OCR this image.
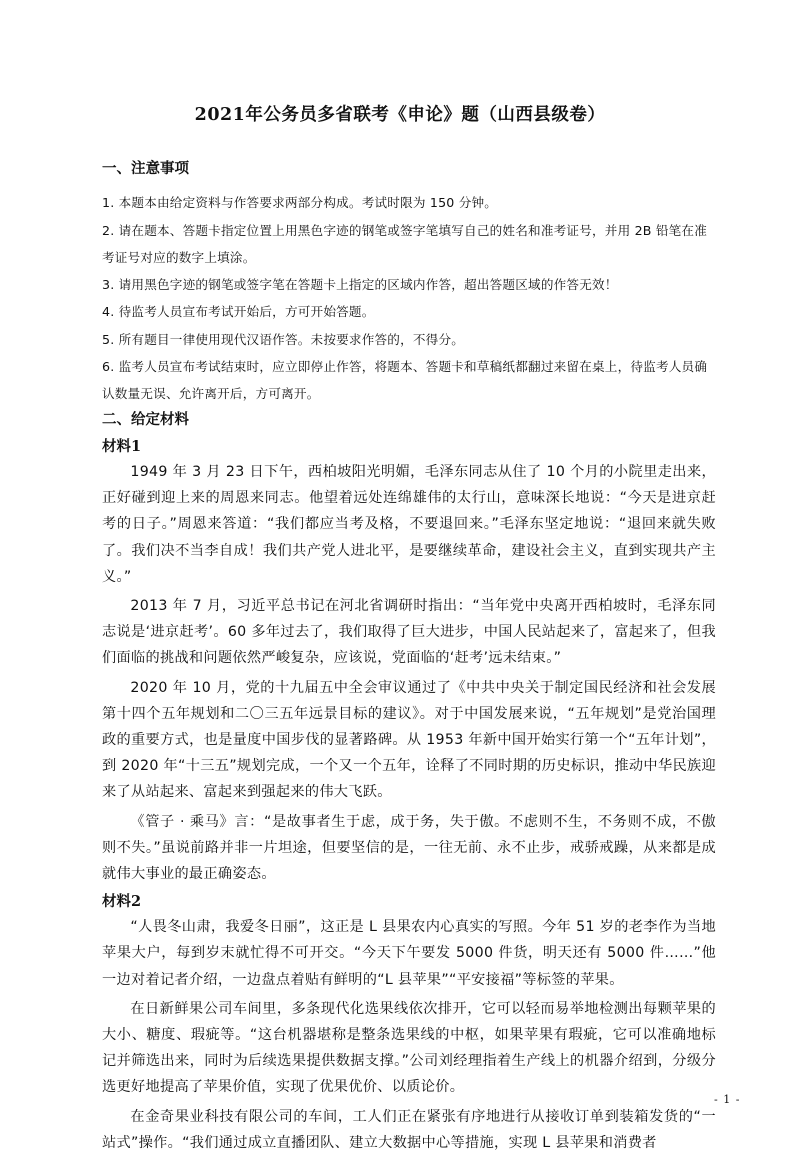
2021年公务员多省联考《申论》题（山西县级卷）
一、注意事项

1. 本题本由给定资料与作答要求两部分构成。考试时限为 150 分钟。

2. 请在题本、答题卡指定位置上用黑色字迹的钢笔或签字笔填写自己的姓名和准考证号，并用 2B 铅笔在准考证号对应的数字上填涂。

3. 请用黑色字迹的钢笔或签字笔在答题卡上指定的区域内作答，超出答题区域的作答无效！

4. 待监考人员宣布考试开始后，方可开始答题。

5. 所有题目一律使用现代汉语作答。未按要求作答的，不得分。

6. 监考人员宣布考试结束时，应立即停止作答，将题本、答题卡和草稿纸都翻过来留在桌上，待监考人员确认数量无误、允许离开后，方可离开。

二、给定材料
材料1

1949 年 3 月 23 日下午，西柏坡阳光明媚，毛泽东同志从住了 10 个月的小院里走出来，正好碰到迎上来的周恩来同志。他望着远处连绵雄伟的太行山，意味深长地说：“今天是进京赶考的日子。”周恩来答道：“我们都应当考及格，不要退回来。”毛泽东坚定地说：“退回来就失败了。我们决不当李自成！我们共产党人进北平，是要继续革命，建设社会主义，直到实现共产主义。”

2013 年 7 月，习近平总书记在河北省调研时指出：“当年党中央离开西柏坡时，毛泽东同志说是‘进京赶考’。60 多年过去了，我们取得了巨大进步，中国人民站起来了，富起来了，但我们面临的挑战和问题依然严峻复杂，应该说，党面临的‘赶考’远未结束。”

2020 年 10 月，党的十九届五中全会审议通过了《中共中央关于制定国民经济和社会发展第十四个五年规划和二〇三五年远景目标的建议》。对于中国发展来说，“五年规划”是党治国理政的重要方式，也是量度中国步伐的显著路碑。从 1953 年新中国开始实行第一个“五年计划”，到 2020 年“十三五”规划完成，一个又一个五年，诠释了不同时期的历史标识，推动中华民族迎来了从站起来、富起来到强起来的伟大飞跃。

《管子 · 乘马》言：“是故事者生于虑，成于务，失于傲。不虑则不生，不务则不成，不傲则不失。”虽说前路并非一片坦途，但要坚信的是，一往无前、永不止步，戒骄戒躁，从来都是成就伟大事业的最正确姿态。

材料2

“人畏冬山肃，我爱冬日丽”，这正是 L 县果农内心真实的写照。今年 51 岁的老李作为当地苹果大户，每到岁末就忙得不可开交。“今天下午要发 5000 件货，明天还有 5000 件……”他一边对着记者介绍，一边盘点着贴有鲜明的“L 县苹果”“平安接福”等标签的苹果。

在日新鲜果公司车间里，多条现代化选果线依次排开，它可以轻而易举地检测出每颗苹果的大小、糖度、瑕疵等。“这台机器堪称是整条选果线的中枢，如果苹果有瑕疵，它可以准确地标记并筛选出来，同时为后续选果提供数据支撑。”公司刘经理指着生产线上的机器介绍到，分级分选更好地提高了苹果价值，实现了优果优价、以质论价。

在金奇果业科技有限公司的车间，工人们正在紧张有序地进行从接收订单到装箱发货的“一站式”操作。“我们通过成立直播团队、建立大数据中心等措施，实现 L 县苹果和消费者

- 1 -
